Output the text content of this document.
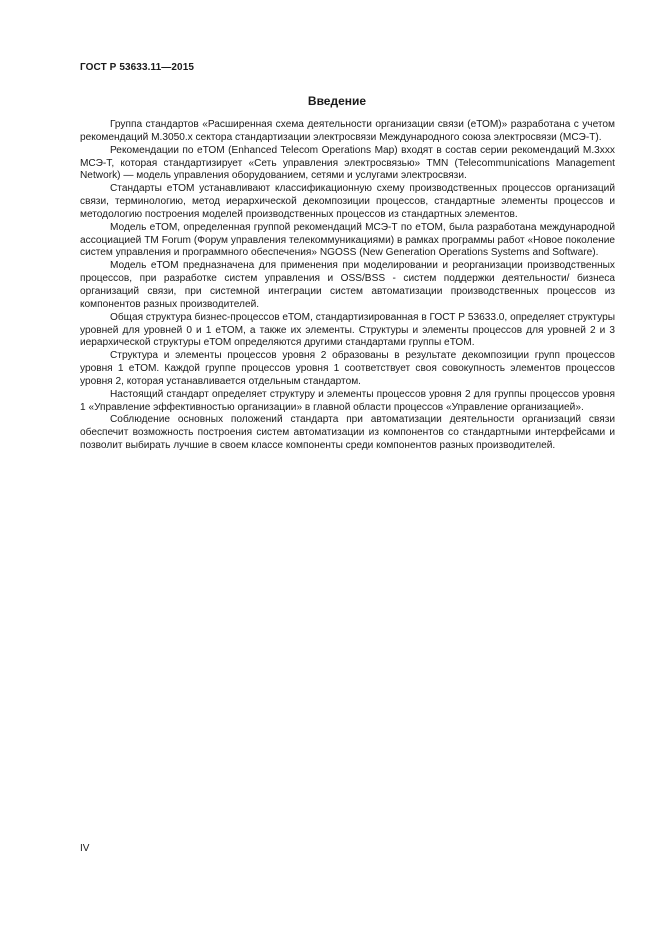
ГОСТ Р 53633.11—2015
Введение

Группа стандартов «Расширенная схема деятельности организации связи (еТОМ)» разработана с учетом рекомендаций М.3050.х сектора стандартизации электросвязи Международного союза электросвязи (МСЭ-Т).

Рекомендации по еТОМ (Enhanced Telecom Operations Map) входят в состав серии рекомендаций М.3ххх МСЭ-Т, которая стандартизирует «Сеть управления электросвязью» TMN (Telecommunications Management Network) — модель управления оборудованием, сетями и услугами электросвязи.

Стандарты еТОМ устанавливают классификационную схему производственных процессов организаций связи, терминологию, метод иерархической декомпозиции процессов, стандартные элементы процессов и методологию построения моделей производственных процессов из стандартных элементов.

Модель еТОМ, определенная группой рекомендаций МСЭ-Т по еТОМ, была разработана международной ассоциацией ТМ Forum (Форум управления телекоммуникациями) в рамках программы работ «Новое поколение систем управления и программного обеспечения» NGOSS (New Generation Operations Systems and Software).

Модель еТОМ предназначена для применения при моделировании и реорганизации производственных процессов, при разработке систем управления и OSS/BSS - систем поддержки деятельности/ бизнеса организаций связи, при системной интеграции систем автоматизации производственных процессов из компонентов разных производителей.

Общая структура бизнес-процессов еТОМ, стандартизированная в ГОСТ Р 53633.0, определяет структуры уровней для уровней 0 и 1 еТОМ, а также их элементы. Структуры и элементы процессов для уровней 2 и 3 иерархической структуры еТОМ определяются другими стандартами группы еТОМ.

Структура и элементы процессов уровня 2 образованы в результате декомпозиции групп процессов уровня 1 еТОМ. Каждой группе процессов уровня 1 соответствует своя совокупность элементов процессов уровня 2, которая устанавливается отдельным стандартом.

Настоящий стандарт определяет структуру и элементы процессов уровня 2 для группы процессов уровня 1 «Управление эффективностью организации» в главной области процессов «Управление организацией».

Соблюдение основных положений стандарта при автоматизации деятельности организаций связи обеспечит возможность построения систем автоматизации из компонентов со стандартными интерфейсами и позволит выбирать лучшие в своем классе компоненты среди компонентов разных производителей.

IV
